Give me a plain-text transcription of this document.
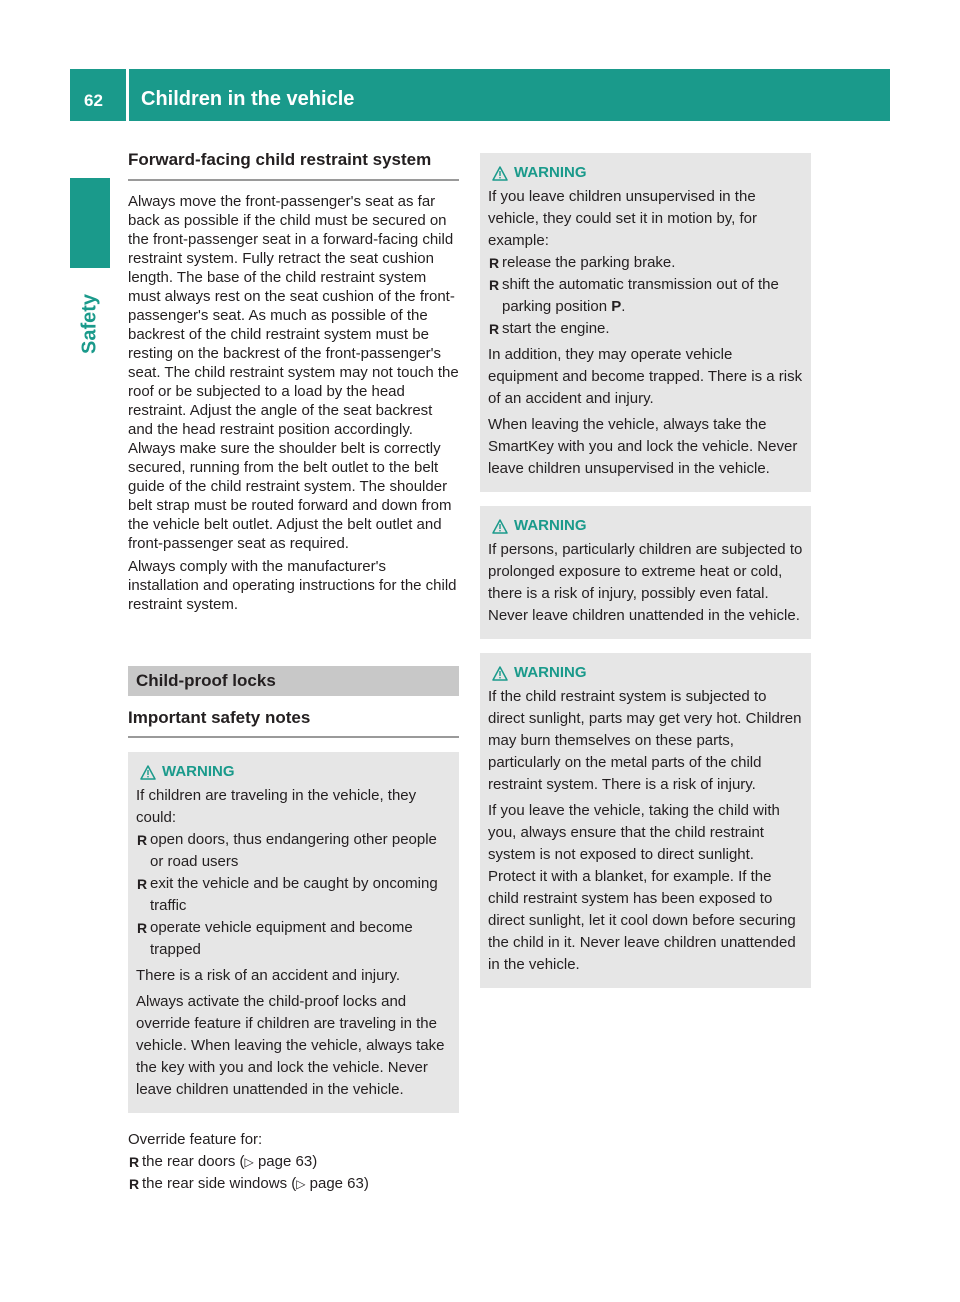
62 Children in the vehicle
Safety
Forward-facing child restraint system

Always move the front-passenger's seat as far back as possible if the child must be secured on the front-passenger seat in a forward-facing child restraint system. Fully retract the seat cushion length. The base of the child restraint system must always rest on the seat cushion of the front-passenger's seat. As much as possible of the backrest of the child restraint system must be resting on the backrest of the front-passenger's seat. The child restraint system may not touch the roof or be subjected to a load by the head restraint. Adjust the angle of the seat backrest and the head restraint position accordingly. Always make sure the shoulder belt is correctly secured, running from the belt outlet to the belt guide of the child restraint system. The shoulder belt strap must be routed forward and down from the vehicle belt outlet. Adjust the belt outlet and front-passenger seat as required.

Always comply with the manufacturer's installation and operating instructions for the child restraint system.

Child-proof locks
Important safety notes
WARNING

If children are traveling in the vehicle, they could:

R open doors, thus endangering other people or road users
R exit the vehicle and be caught by oncoming traffic
R operate vehicle equipment and become trapped

There is a risk of an accident and injury.

Always activate the child-proof locks and override feature if children are traveling in the vehicle. When leaving the vehicle, always take the key with you and lock the vehicle. Never leave children unattended in the vehicle.

Override feature for:

R the rear doors (▷ page 63)
R the rear side windows (▷ page 63)
WARNING

If you leave children unsupervised in the vehicle, they could set it in motion by, for example:

R release the parking brake.
R shift the automatic transmission out of the parking position P.
R start the engine.

In addition, they may operate vehicle equipment and become trapped. There is a risk of an accident and injury.

When leaving the vehicle, always take the SmartKey with you and lock the vehicle. Never leave children unsupervised in the vehicle.

WARNING

If persons, particularly children are subjected to prolonged exposure to extreme heat or cold, there is a risk of injury, possibly even fatal. Never leave children unattended in the vehicle.

WARNING

If the child restraint system is subjected to direct sunlight, parts may get very hot. Children may burn themselves on these parts, particularly on the metal parts of the child restraint system. There is a risk of injury.

If you leave the vehicle, taking the child with you, always ensure that the child restraint system is not exposed to direct sunlight. Protect it with a blanket, for example. If the child restraint system has been exposed to direct sunlight, let it cool down before securing the child in it. Never leave children unattended in the vehicle.
